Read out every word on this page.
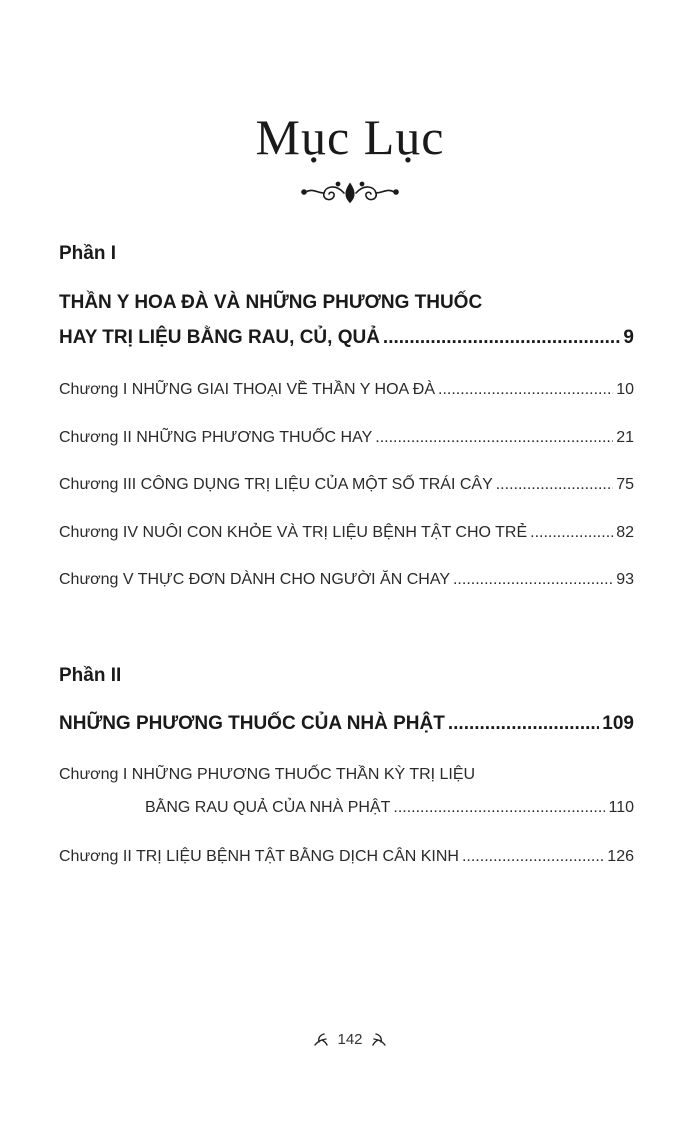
Mục Lục
Phần I
THẦN Y HOA ĐÀ VÀ NHỮNG PHƯƠNG THUỐC
HAY TRỊ LIỆU BẰNG RAU, CỦ, QUẢ .....	9
Chương I NHỮNG GIAI THOẠI VỀ THẦN Y HOA ĐÀ .....	10
Chương II NHỮNG PHƯƠNG THUỐC HAY .....	21
Chương III CÔNG DỤNG TRỊ LIỆU CỦA MỘT SỐ TRÁI CÂY .....	75
Chương IV NUÔI CON KHỎE VÀ TRỊ LIỆU BỆNH TẬT CHO TRẺ .....	82
Chương V THỰC ĐƠN DÀNH CHO NGƯỜI ĂN CHAY .....	93
Phần II
NHỮNG PHƯƠNG THUỐC CỦA NHÀ PHẬT .....	109
Chương I NHỮNG PHƯƠNG THUỐC THẦN KỲ TRỊ LIỆU
BẰNG RAU QUẢ CỦA NHÀ PHẬT .....	110
Chương II TRỊ LIỆU BỆNH TẬT BẰNG DỊCH CÂN KINH .....	126
142
